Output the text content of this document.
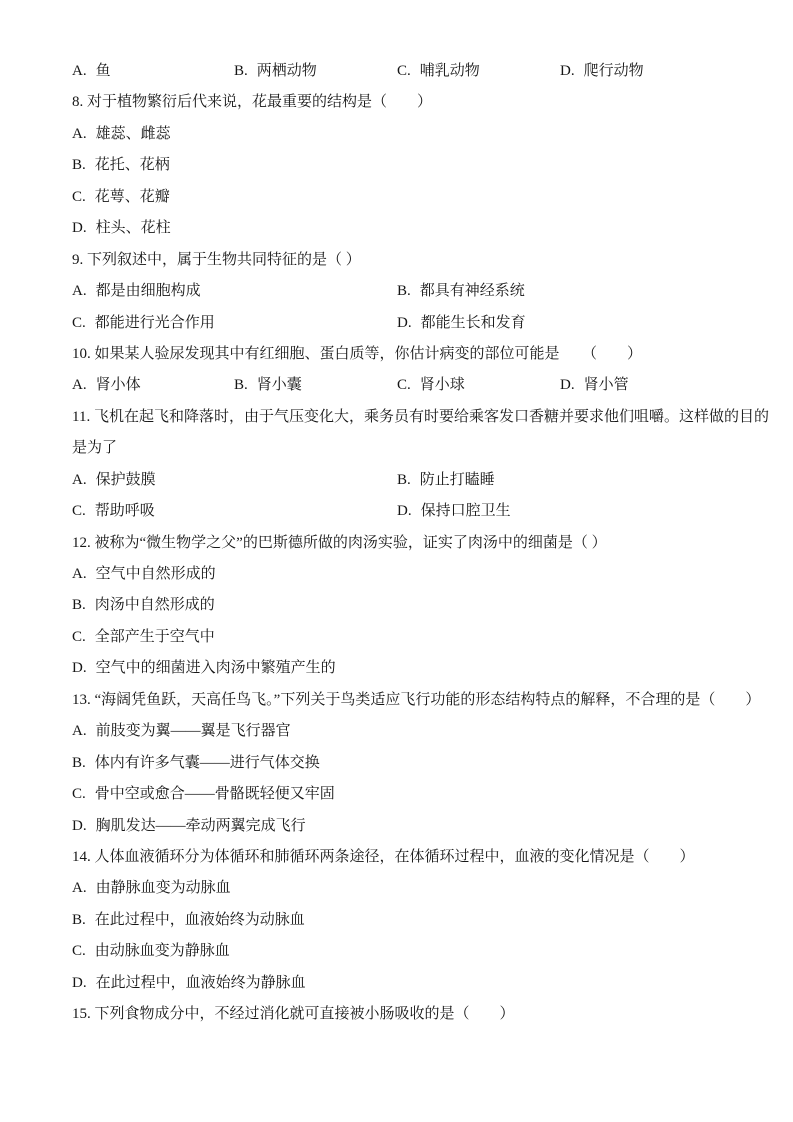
A. 鱼	B. 两栖动物	C. 哺乳动物	D. 爬行动物
8. 对于植物繁衍后代来说，花最重要的结构是（　　）
A. 雄蕊、雌蕊
B. 花托、花柄
C. 花萼、花瓣
D. 柱头、花柱
9. 下列叙述中，属于生物共同特征的是（ ）
A. 都是由细胞构成	B. 都具有神经系统
C. 都能进行光合作用	D. 都能生长和发育
10. 如果某人验尿发现其中有红细胞、蛋白质等，你估计病变的部位可能是　　（　　）
A. 肾小体	B. 肾小囊	C. 肾小球	D. 肾小管
11. 飞机在起飞和降落时，由于气压变化大，乘务员有时要给乘客发口香糖并要求他们咀嚼。这样做的目的
是为了
A. 保护鼓膜	B. 防止打瞌睡
C. 帮助呼吸	D. 保持口腔卫生
12. 被称为“微生物学之父”的巴斯德所做的肉汤实验，证实了肉汤中的细菌是（ ）
A. 空气中自然形成的
B. 肉汤中自然形成的
C. 全部产生于空气中
D. 空气中的细菌进入肉汤中繁殖产生的
13. “海阔凭鱼跃，天高任鸟飞。”下列关于鸟类适应飞行功能的形态结构特点的解释，不合理的是（　　）
A. 前肢变为翼——翼是飞行器官
B. 体内有许多气囊——进行气体交换
C. 骨中空或愈合——骨骼既轻便又牢固
D. 胸肌发达——牵动两翼完成飞行
14. 人体血液循环分为体循环和肺循环两条途径，在体循环过程中，血液的变化情况是（　　）
A. 由静脉血变为动脉血
B. 在此过程中，血液始终为动脉血
C. 由动脉血变为静脉血
D. 在此过程中，血液始终为静脉血
15. 下列食物成分中，不经过消化就可直接被小肠吸收的是（　　）
